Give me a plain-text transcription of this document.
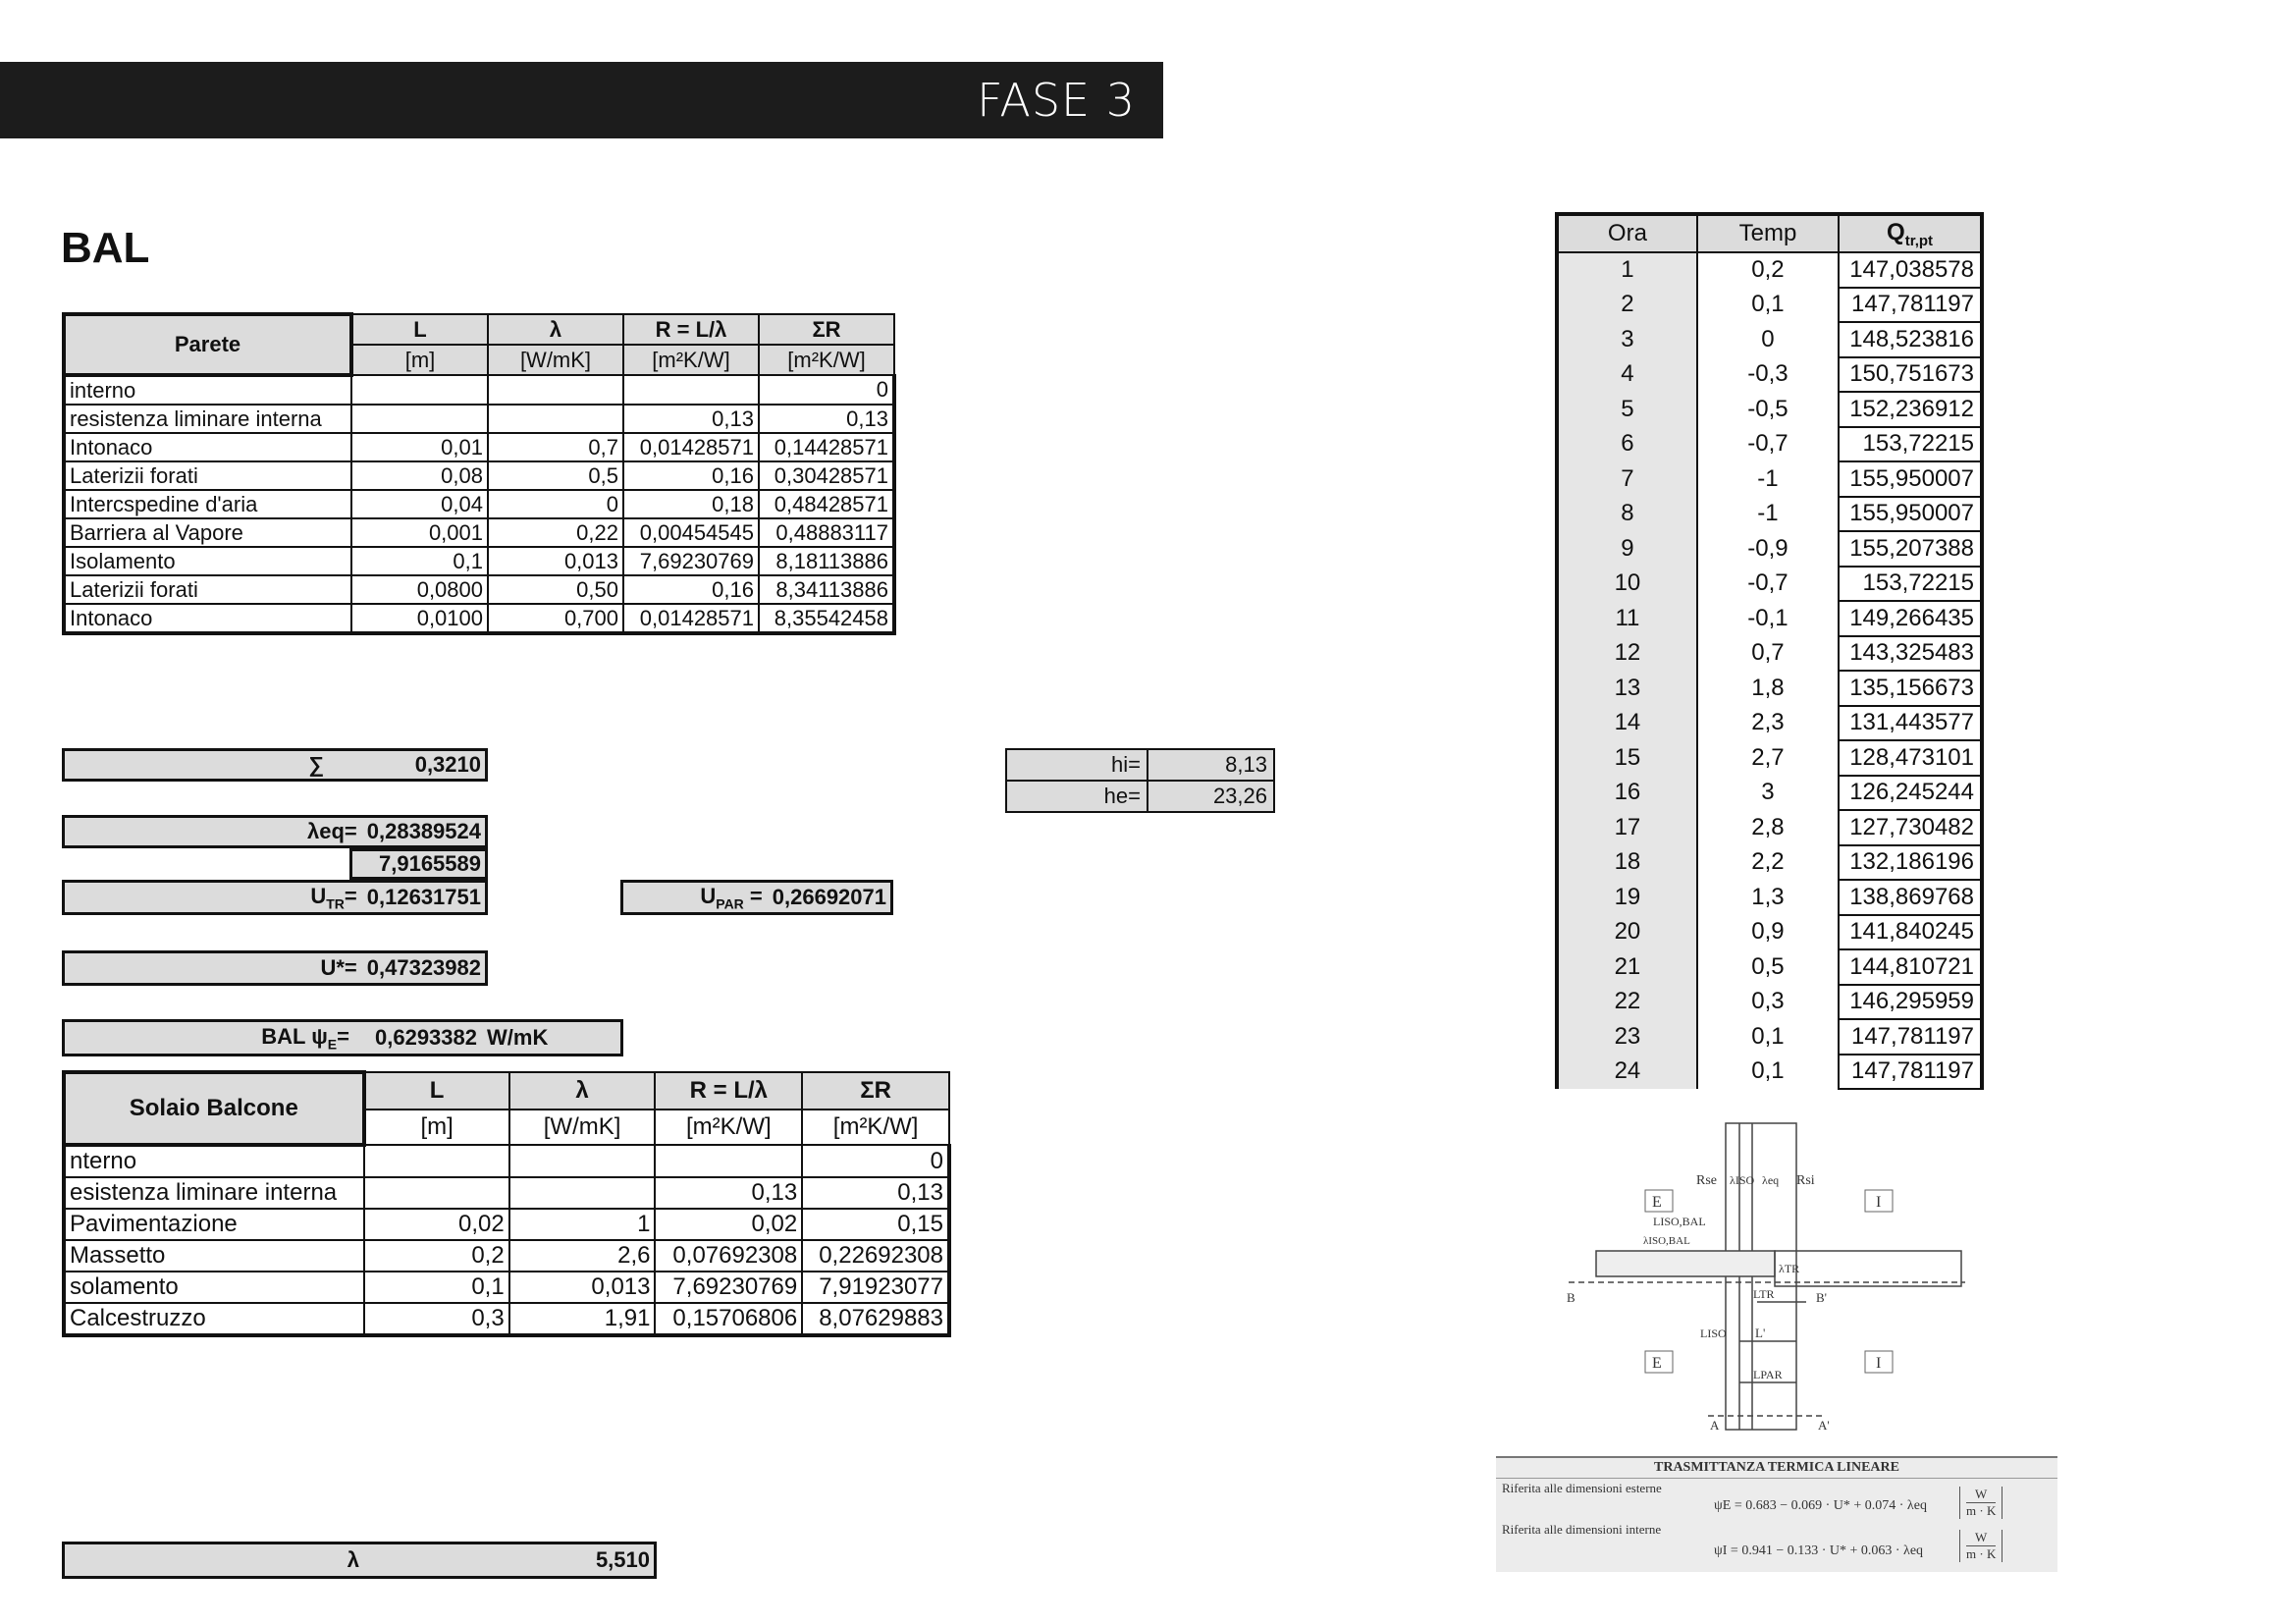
FASE 3
BAL
Parete	L	λ	R = L/λ	ΣR
	[m]	[W/mK]	[m²K/W]	[m²K/W]
interno				0
resistenza liminare interna			0,13	0,13
Intonaco	0,01	0,7	0,01428571	0,14428571
Laterizii forati	0,08	0,5	0,16	0,30428571
Intercspedine d'aria	0,04	0	0,18	0,48428571
Barriera al Vapore	0,001	0,22	0,00454545	0,48883117
Isolamento	0,1	0,013	7,69230769	8,18113886
Laterizii forati	0,0800	0,50	0,16	8,34113886
Intonaco	0,0100	0,700	0,01428571	8,35542458
∑	0,3210
λeq= 0,28389524
7,9165589
$U_{TR}= 0,12631751$	$U_{PAR} = 0,26692071$
U*= 0,47323982
BAL $\psi_E=$	0,6293382 W/mK
hi=	8,13
he=	23,26
Solaio Balcone	L	λ	R = L/λ	ΣR
	[m]	[W/mK]	[m²K/W]	[m²K/W]
nterno				0
esistenza liminare interna			0,13	0,13
Pavimentazione	0,02	1	0,02	0,15
Massetto	0,2	2,6	0,07692308	0,22692308
solamento	0,1	0,013	7,69230769	7,91923077
Calcestruzzo	0,3	1,91	0,15706806	8,07629883
λ	5,510
Ora	Temp	$Q_{tr,pt}$
1	0,2	147,038578
2	0,1	147,781197
3	0	148,523816
4	-0,3	150,751673
5	-0,5	152,236912
6	-0,7	153,72215
7	-1	155,950007
8	-1	155,950007
9	-0,9	155,207388
10	-0,7	153,72215
11	-0,1	149,266435
12	0,7	143,325483
13	1,8	135,156673
14	2,3	131,443577
15	2,7	128,473101
16	3	126,245244
17	2,8	127,730482
18	2,2	132,186196
19	1,3	138,869768
20	0,9	141,840245
21	0,5	144,810721
22	0,3	146,295959
23	0,1	147,781197
24	0,1	147,781197
E	I
E	I
Rse λISO λeq Rsi
LISO,BAL
λISO,BAL
λTR
B	B'
LTR
L'
LISO
LPAR
A	A'
TRASMITTANZA TERMICA LINEARE
Riferita alle dimensioni esterne
ψE = 0.683 − 0.069 · U* + 0.074 · λeq	$\frac{W}{m \cdot K}$
Riferita alle dimensioni interne
ψI = 0.941 − 0.133 · U* + 0.063 · λeq	$\frac{W}{m \cdot K}$
